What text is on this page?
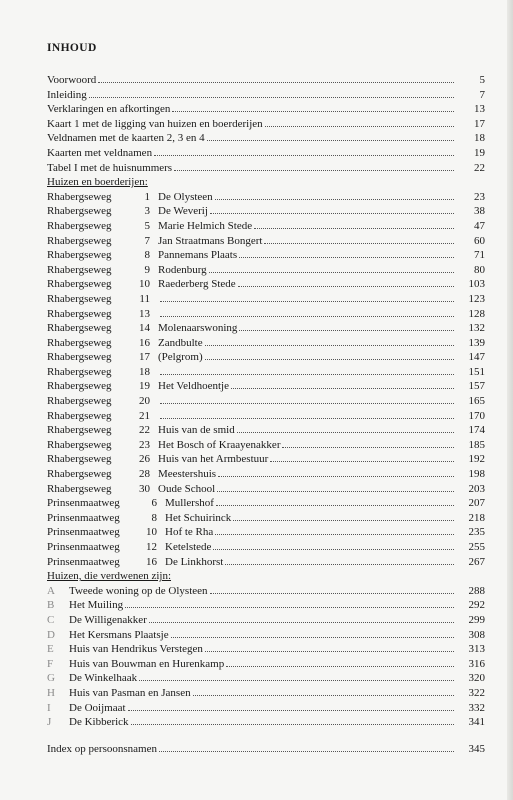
INHOUD
Voorwoord	5
Inleiding	7
Verklaringen en afkortingen	13
Kaart 1 met de ligging van huizen en boerderijen	17
Veldnamen met de kaarten 2, 3 en 4	18
Kaarten met veldnamen	19
Tabel I met de huisnummers	22
Huizen en boerderijen:
Rhabergseweg	1 De Olysteen	23
Rhabergseweg	3 De Weverij	38
Rhabergseweg	5 Marie Helmich Stede	47
Rhabergseweg	7 Jan Straatmans Bongert	60
Rhabergseweg	8 Pannemans Plaats	71
Rhabergseweg	9 Rodenburg	80
Rhabergseweg 10 Raederberg Stede	103
Rhabergseweg	11	123
Rhabergseweg 13	128
Rhabergseweg 14 Molenaarswoning	132
Rhabergseweg 16 Zandbulte	139
Rhabergseweg 17 (Pelgrom)	147
Rhabergseweg 18	151
Rhabergseweg 19 Het Veldhoentje	157
Rhabergseweg 20	165
Rhabergseweg 21	170
Rhabergseweg 22 Huis van de smid	174
Rhabergseweg 23 Het Bosch of Kraayenakker	185
Rhabergseweg 26 Huis van het Armbestuur	192
Rhabergseweg 28 Meestershuis	198
Rhabergseweg 30 Oude School	203
Prinsenmaatweg	6 Mullershof	207
Prinsenmaatweg	8 Het Schuirinck	218
Prinsenmaatweg 10 Hof te Rha	235
Prinsenmaatweg 12 Ketelstede	255
Prinsenmaatweg 16 De Linkhorst	267
Huizen, die verdwenen zijn:
A Tweede woning op de Olysteen	288
B Het Muiling	292
C De Willigenakker	299
D Het Kersmans Plaatsje	308
E Huis van Hendrikus Verstegen	313
F Huis van Bouwman en Hurenkamp	316
G De Winkelhaak	320
H Huis van Pasman en Jansen	322
I De Ooijmaat	332
J De Kibberick	341
Index op persoonsnamen	345
